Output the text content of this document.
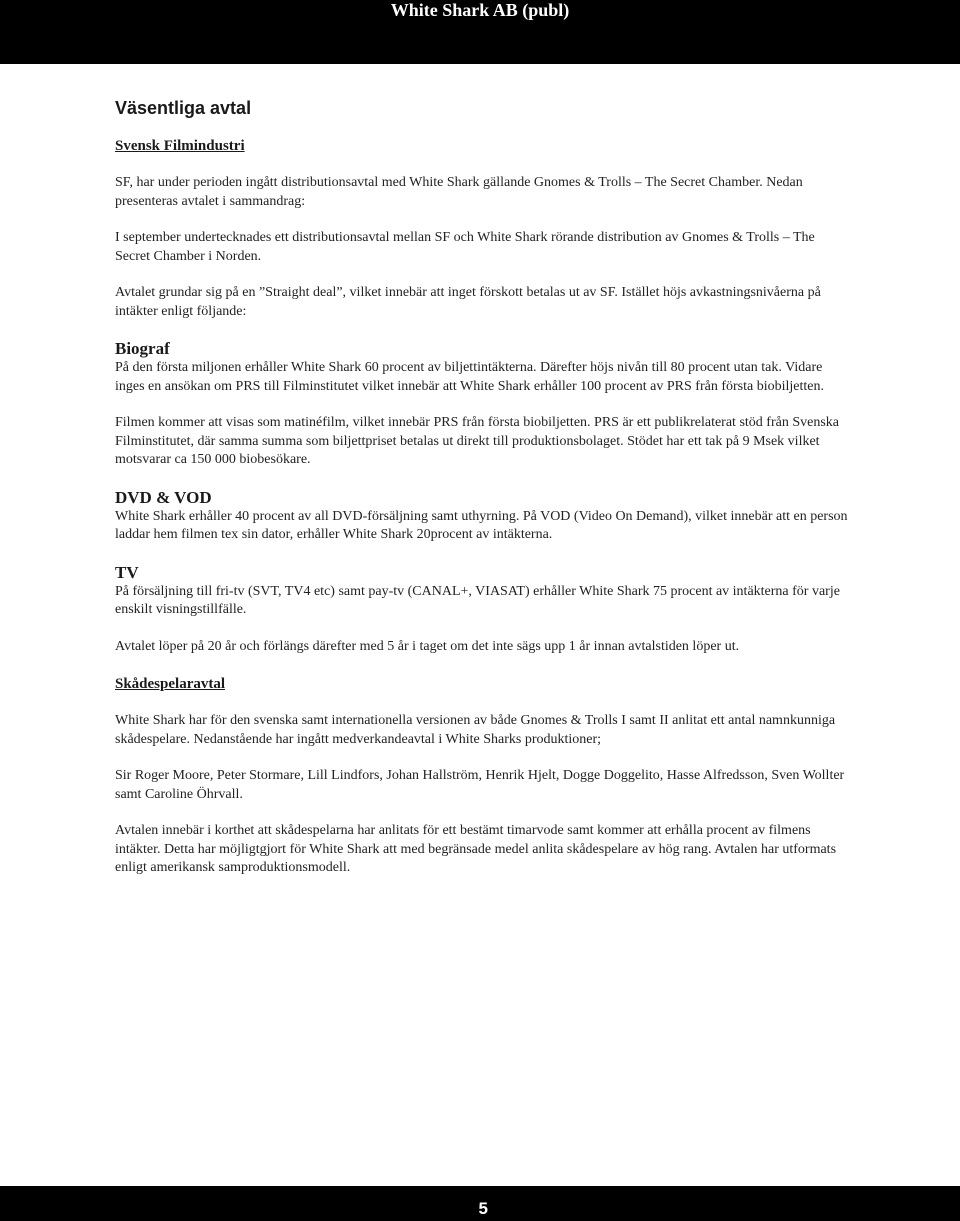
White Shark AB (publ)
Väsentliga avtal
Svensk Filmindustri

SF, har under perioden ingått distributionsavtal med White Shark gällande Gnomes & Trolls – The Secret Chamber. Nedan presenteras avtalet i sammandrag:

I september undertecknades ett distributionsavtal mellan SF och White Shark rörande distribution av Gnomes & Trolls – The Secret Chamber i Norden.

Avtalet grundar sig på en ”Straight deal”, vilket innebär att inget förskott betalas ut av SF. Istället höjs avkastningsnivåerna på intäkter enligt följande:

Biograf

På den första miljonen erhåller White Shark 60 procent av biljettintäkterna. Därefter höjs nivån till 80 procent utan tak. Vidare inges en ansökan om PRS till Filminstitutet vilket innebär att White Shark erhåller 100 procent av PRS från första biobiljetten.

Filmen kommer att visas som matinéfilm, vilket innebär PRS från första biobiljetten. PRS är ett publikrelaterat stöd från Svenska Filminstitutet, där samma summa som biljettpriset betalas ut direkt till produktionsbolaget. Stödet har ett tak på 9 Msek vilket motsvarar ca 150 000 biobesökare.

DVD & VOD

White Shark erhåller 40 procent av all DVD-försäljning samt uthyrning. På VOD (Video On Demand), vilket innebär att en person laddar hem filmen tex sin dator, erhåller White Shark 20procent av intäkterna.

TV

På försäljning till fri-tv (SVT, TV4 etc) samt pay-tv (CANAL+, VIASAT) erhåller White Shark 75 procent av intäkterna för varje enskilt visningstillfälle.

Avtalet löper på 20 år och förlängs därefter med 5 år i taget om det inte sägs upp 1 år innan avtalstiden löper ut.

Skådespelaravtal

White Shark har för den svenska samt internationella versionen av både Gnomes & Trolls I samt II anlitat ett antal namnkunniga skådespelare. Nedanstående har ingått medverkandeavtal i White Sharks produktioner;

Sir Roger Moore, Peter Stormare, Lill Lindfors, Johan Hallström, Henrik Hjelt, Dogge Doggelito, Hasse Alfredsson, Sven Wollter samt Caroline Öhrvall.

Avtalen innebär i korthet att skådespelarna har anlitats för ett bestämt timarvode samt kommer att erhålla procent av filmens intäkter. Detta har möjligtgjort för White Shark att med begränsade medel anlita skådespelare av hög rang. Avtalen har utformats enligt amerikansk samproduktionsmodell.

5
